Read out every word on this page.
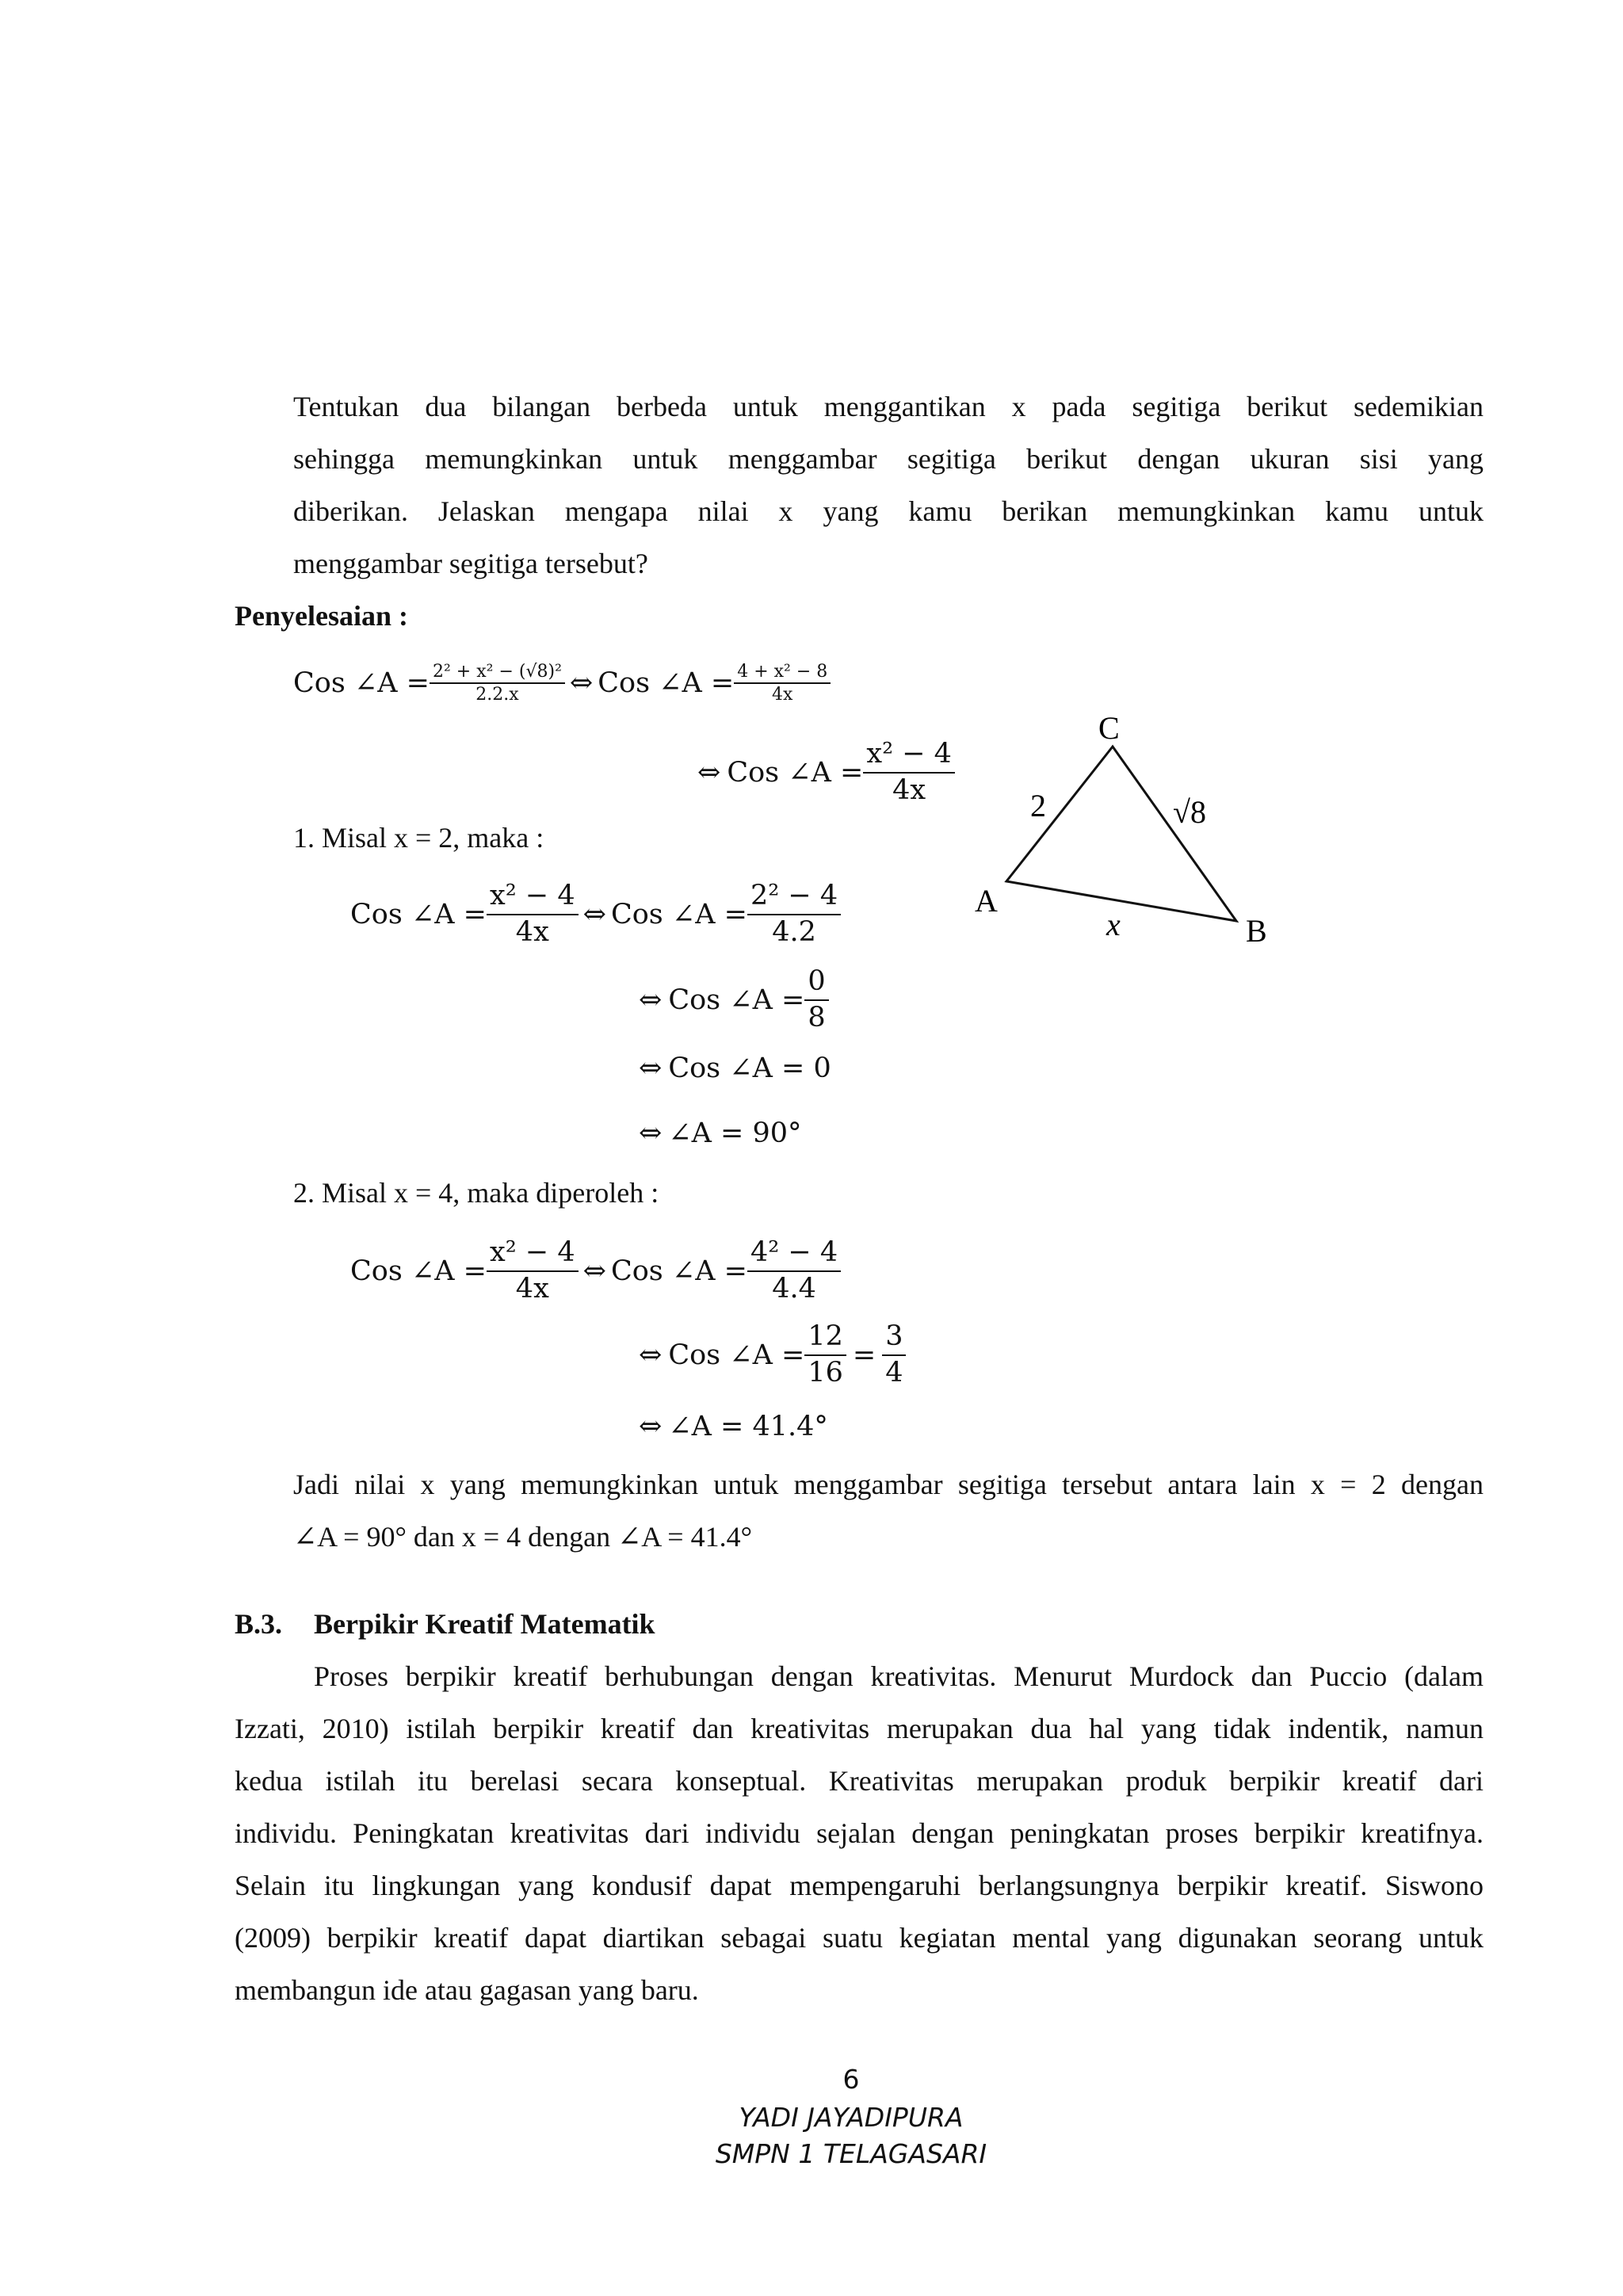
Tentukan dua bilangan berbeda untuk menggantikan x pada segitiga berikut sedemikian
sehingga memungkinkan untuk menggambar segitiga berikut dengan ukuran sisi yang
diberikan. Jelaskan mengapa nilai x yang kamu berikan memungkinkan kamu untuk
menggambar segitiga tersebut?
Penyelesaian :
Cos ∠A = $\frac{\text{2² + x² − (√8)²}}{2.2.x}$ ⇔ Cos ∠A = $\frac{\text{4 + x² − 8}}{4x}$
⇔ Cos ∠A = $\frac{\text{x² − 4}}{4x}$
1. Misal x = 2, maka :
Cos ∠A = $\frac{\text{x² − 4}}{4x}$ ⇔ Cos ∠A = $\frac{\text{2² − 4}}{4.2}$
⇔ Cos ∠A = $\frac{0}{8}$
⇔ Cos ∠A = 0
⇔ ∠A = 90°
2. Misal x = 4, maka diperoleh :
Cos ∠A = $\frac{\text{x² − 4}}{4x}$ ⇔ Cos ∠A = $\frac{\text{4² − 4}}{4.4}$
⇔ Cos ∠A = $\frac{12}{16} = \frac{3}{4}$
⇔ ∠A = 41.4°
C
A
B
2	√8
x
Jadi nilai x yang memungkinkan untuk menggambar segitiga tersebut antara lain x = 2 dengan
∠A = 90° dan x = 4 dengan ∠A = 41.4°
B.3. Berpikir Kreatif Matematik
Proses berpikir kreatif berhubungan dengan kreativitas. Menurut Murdock dan Puccio (dalam
Izzati, 2010) istilah berpikir kreatif dan kreativitas merupakan dua hal yang tidak indentik, namun
kedua istilah itu berelasi secara konseptual. Kreativitas merupakan produk berpikir kreatif dari
individu. Peningkatan kreativitas dari individu sejalan dengan peningkatan proses berpikir kreatifnya.
Selain itu lingkungan yang kondusif dapat mempengaruhi berlangsungnya berpikir kreatif. Siswono
(2009) berpikir kreatif dapat diartikan sebagai suatu kegiatan mental yang digunakan seorang untuk
membangun ide atau gagasan yang baru.
6
YADI JAYADIPURA
SMPN 1 TELAGASARI
